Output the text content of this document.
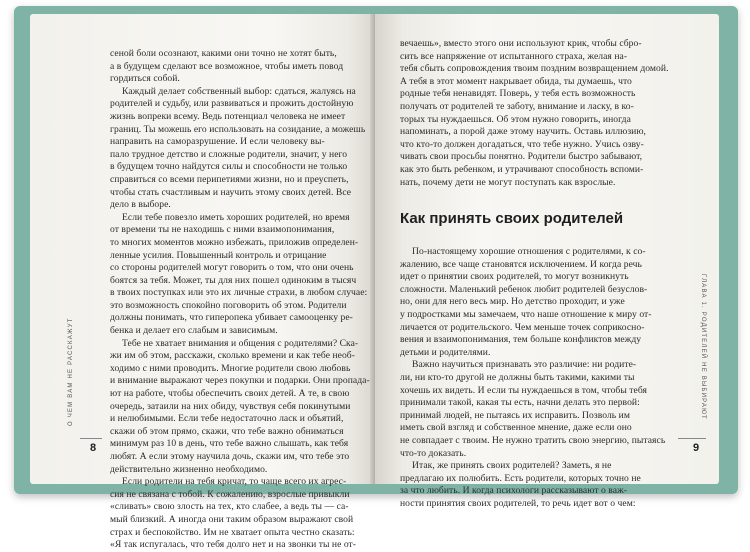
сеной боли осознают, какими они точно не хотят быть,
а в будущем сделают все возможное, чтобы иметь повод
гордиться собой.
Каждый делает собственный выбор: сдаться, жалуясь на
родителей и судьбу, или развиваться и прожить достойную
жизнь вопреки всему. Ведь потенциал человека не имеет
границ. Ты можешь его использовать на созидание, а можешь
направить на саморазрушение. И если человеку вы-
пало трудное детство и сложные родители, значит, у него
в будущем точно найдутся силы и способности не только
справиться со всеми перипетиями жизни, но и преуспеть,
чтобы стать счастливым и научить этому своих детей. Все
дело в выборе.
Если тебе повезло иметь хороших родителей, но время
от времени ты не находишь с ними взаимопонимания,
то многих моментов можно избежать, приложив определен-
ленные усилия. Повышенный контроль и отрицание
со стороны родителей могут говорить о том, что они очень
боятся за тебя. Может, ты для них пошел одиноким в тысяч
в твоих поступках или это их личные страхи, в любом случае:
это возможность спокойно поговорить об этом. Родители
должны понимать, что гиперопека убивает самооценку ре-
бенка и делает его слабым и зависимым.
Тебе не хватает внимания и общения с родителями? Ска-
жи им об этом, расскажи, сколько времени и как тебе необ-
ходимо с ними проводить. Многие родители свою любовь
и внимание выражают через покупки и подарки. Они пропада-
ют на работе, чтобы обеспечить своих детей. А те, в свою
очередь, затаили на них обиду, чувствуя себя покинутыми
и нелюбимыми. Если тебе недостаточно ласк и объятий,
скажи об этом прямо, скажи, что тебе важно обниматься
минимум раз 10 в день, что тебе важно слышать, как тебя
любят. А если этому научила дочь, скажи им, что тебе это
действительно жизненно необходимо.
Если родители на тебя кричат, то чаще всего их агрес-
сия не связана с тобой. К сожалению, взрослые привыкли
«сливать» свою злость на тех, кто слабее, а ведь ты — са-
мый близкий. А иногда они таким образом выражают свой
страх и беспокойство. Им не хватает опыта честно сказать:
«Я так испугалась, что тебя долго нет и на звонки ты не от-
О ЧЕМ ВАМ НЕ РАССКАЖУТ
8
вечаешь», вместо этого они используют крик, чтобы сбро-
сить все напряжение от испытанного страха, желая на-
тебя сбыть сопровождения твоим поздним возвращением домой.
А тебя в этот момент накрывает обида, ты думаешь, что
родные тебя ненавидят. Поверь, у тебя есть возможность
получать от родителей те заботу, внимание и ласку, в ко-
торых ты нуждаешься. Об этом нужно говорить, иногда
напоминать, а порой даже этому научить. Оставь иллюзию,
что кто-то должен догадаться, что тебе нужно. Учись озву-
чивать свои просьбы понятно. Родители быстро забывают,
как это быть ребенком, и утрачивают способность вспоми-
нать, почему дети не могут поступать как взрослые.
Как принять своих родителей
По-настоящему хорошие отношения с родителями, к со-
жалению, все чаще становятся исключением. И когда речь
идет о принятии своих родителей, то могут возникнуть
сложности. Маленький ребенок любит родителей безуслов-
но, они для него весь мир. Но детство проходит, и уже
у подростками мы замечаем, что наше отношение к миру от-
личается от родительского. Чем меньше точек соприкосно-
вения и взаимопонимания, тем больше конфликтов между
детьми и родителями.
Важно научиться признавать это различие: ни родите-
ли, ни кто-то другой не должны быть такими, какими ты
хочешь их видеть. И если ты нуждаешься в том, чтобы тебя
принимали такой, какая ты есть, начни делать это первой:
принимай людей, не пытаясь их исправить. Позволь им
иметь свой взгляд и собственное мнение, даже если оно
не совпадает с твоим. Не нужно тратить свою энергию, пытаясь
что-то доказать.
Итак, же принять своих родителей? Заметь, я не
предлагаю их полюбить. Есть родители, которых точно не
за что любить. И когда психологи рассказывают о важ-
ности принятия своих родителей, то речь идет вот о чем:
ГЛАВА 1. РОДИТЕЛЕЙ НЕ ВЫБИРАЮТ
9
